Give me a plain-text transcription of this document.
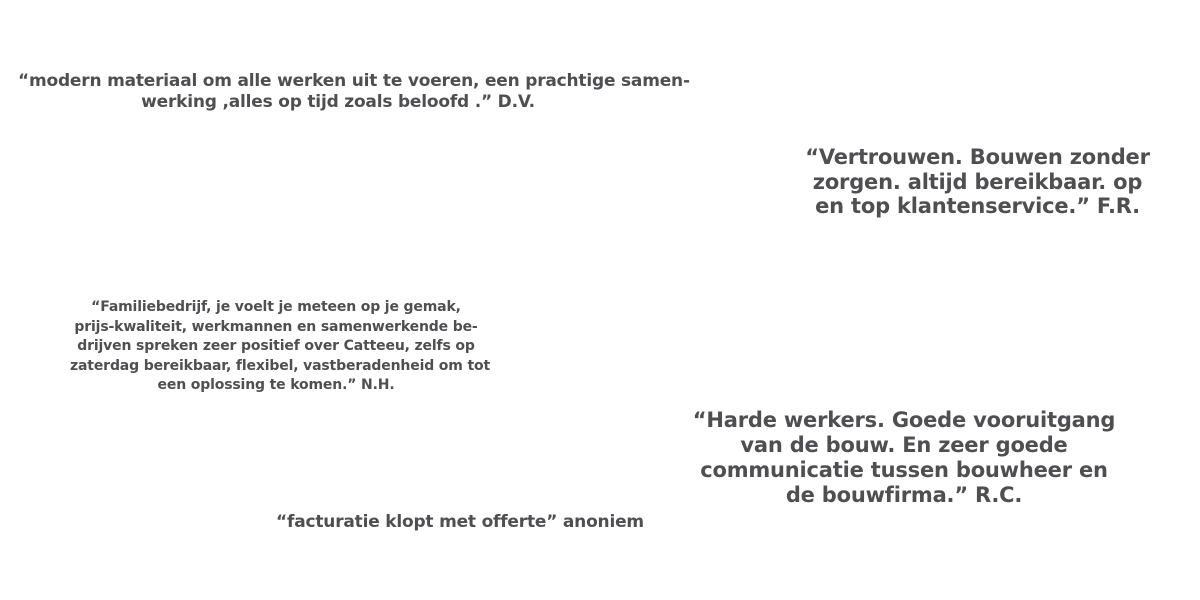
“modern materiaal om alle werken uit te voeren, een prachtige samen-
werking ,alles op tijd zoals beloofd .” D.V.
“Vertrouwen. Bouwen zonder
zorgen. altijd bereikbaar. op
en top klantenservice.” F.R.
“Familiebedrijf, je voelt je meteen op je gemak,
prijs-kwaliteit, werkmannen en samenwerkende be-
drijven spreken zeer positief over Catteeu, zelfs op
zaterdag bereikbaar, flexibel, vastberadenheid om tot
een oplossing te komen.” N.H.
“Harde werkers. Goede vooruitgang
van de bouw. En zeer goede
communicatie tussen bouwheer en
de bouwfirma.” R.C.
“facturatie klopt met offerte” anoniem
